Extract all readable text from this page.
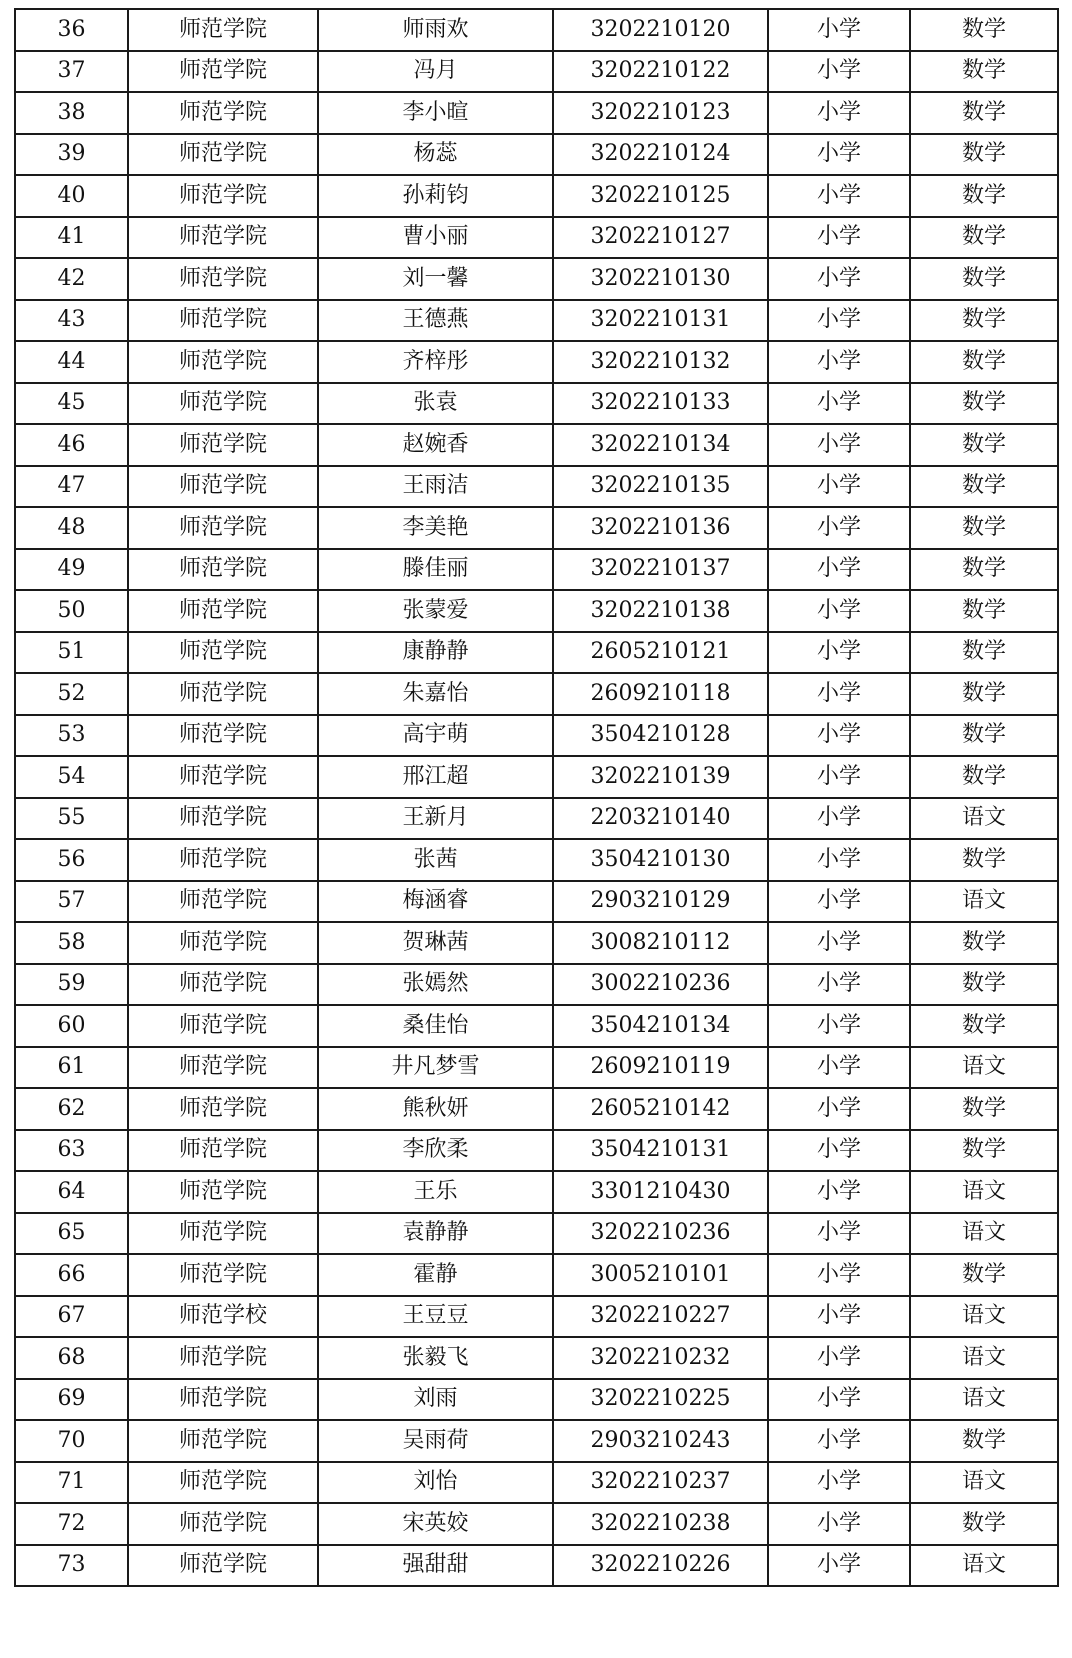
36	师范学院	师雨欢	3202210120	小学	数学
37	师范学院	冯月	3202210122	小学	数学
38	师范学院	李小暄	3202210123	小学	数学
39	师范学院	杨蕊	3202210124	小学	数学
40	师范学院	孙莉钧	3202210125	小学	数学
41	师范学院	曹小丽	3202210127	小学	数学
42	师范学院	刘一馨	3202210130	小学	数学
43	师范学院	王德燕	3202210131	小学	数学
44	师范学院	齐梓彤	3202210132	小学	数学
45	师范学院	张袁	3202210133	小学	数学
46	师范学院	赵婉香	3202210134	小学	数学
47	师范学院	王雨洁	3202210135	小学	数学
48	师范学院	李美艳	3202210136	小学	数学
49	师范学院	滕佳丽	3202210137	小学	数学
50	师范学院	张蒙爱	3202210138	小学	数学
51	师范学院	康静静	2605210121	小学	数学
52	师范学院	朱嘉怡	2609210118	小学	数学
53	师范学院	高宇萌	3504210128	小学	数学
54	师范学院	邢江超	3202210139	小学	数学
55	师范学院	王新月	2203210140	小学	语文
56	师范学院	张茜	3504210130	小学	数学
57	师范学院	梅涵睿	2903210129	小学	语文
58	师范学院	贺琳茜	3008210112	小学	数学
59	师范学院	张嫣然	3002210236	小学	数学
60	师范学院	桑佳怡	3504210134	小学	数学
61	师范学院	井凡梦雪	2609210119	小学	语文
62	师范学院	熊秋妍	2605210142	小学	数学
63	师范学院	李欣柔	3504210131	小学	数学
64	师范学院	王乐	3301210430	小学	语文
65	师范学院	袁静静	3202210236	小学	语文
66	师范学院	霍静	3005210101	小学	数学
67	师范学校	王豆豆	3202210227	小学	语文
68	师范学院	张毅飞	3202210232	小学	语文
69	师范学院	刘雨	3202210225	小学	语文
70	师范学院	吴雨荷	2903210243	小学	数学
71	师范学院	刘怡	3202210237	小学	语文
72	师范学院	宋英姣	3202210238	小学	数学
73	师范学院	强甜甜	3202210226	小学	语文
